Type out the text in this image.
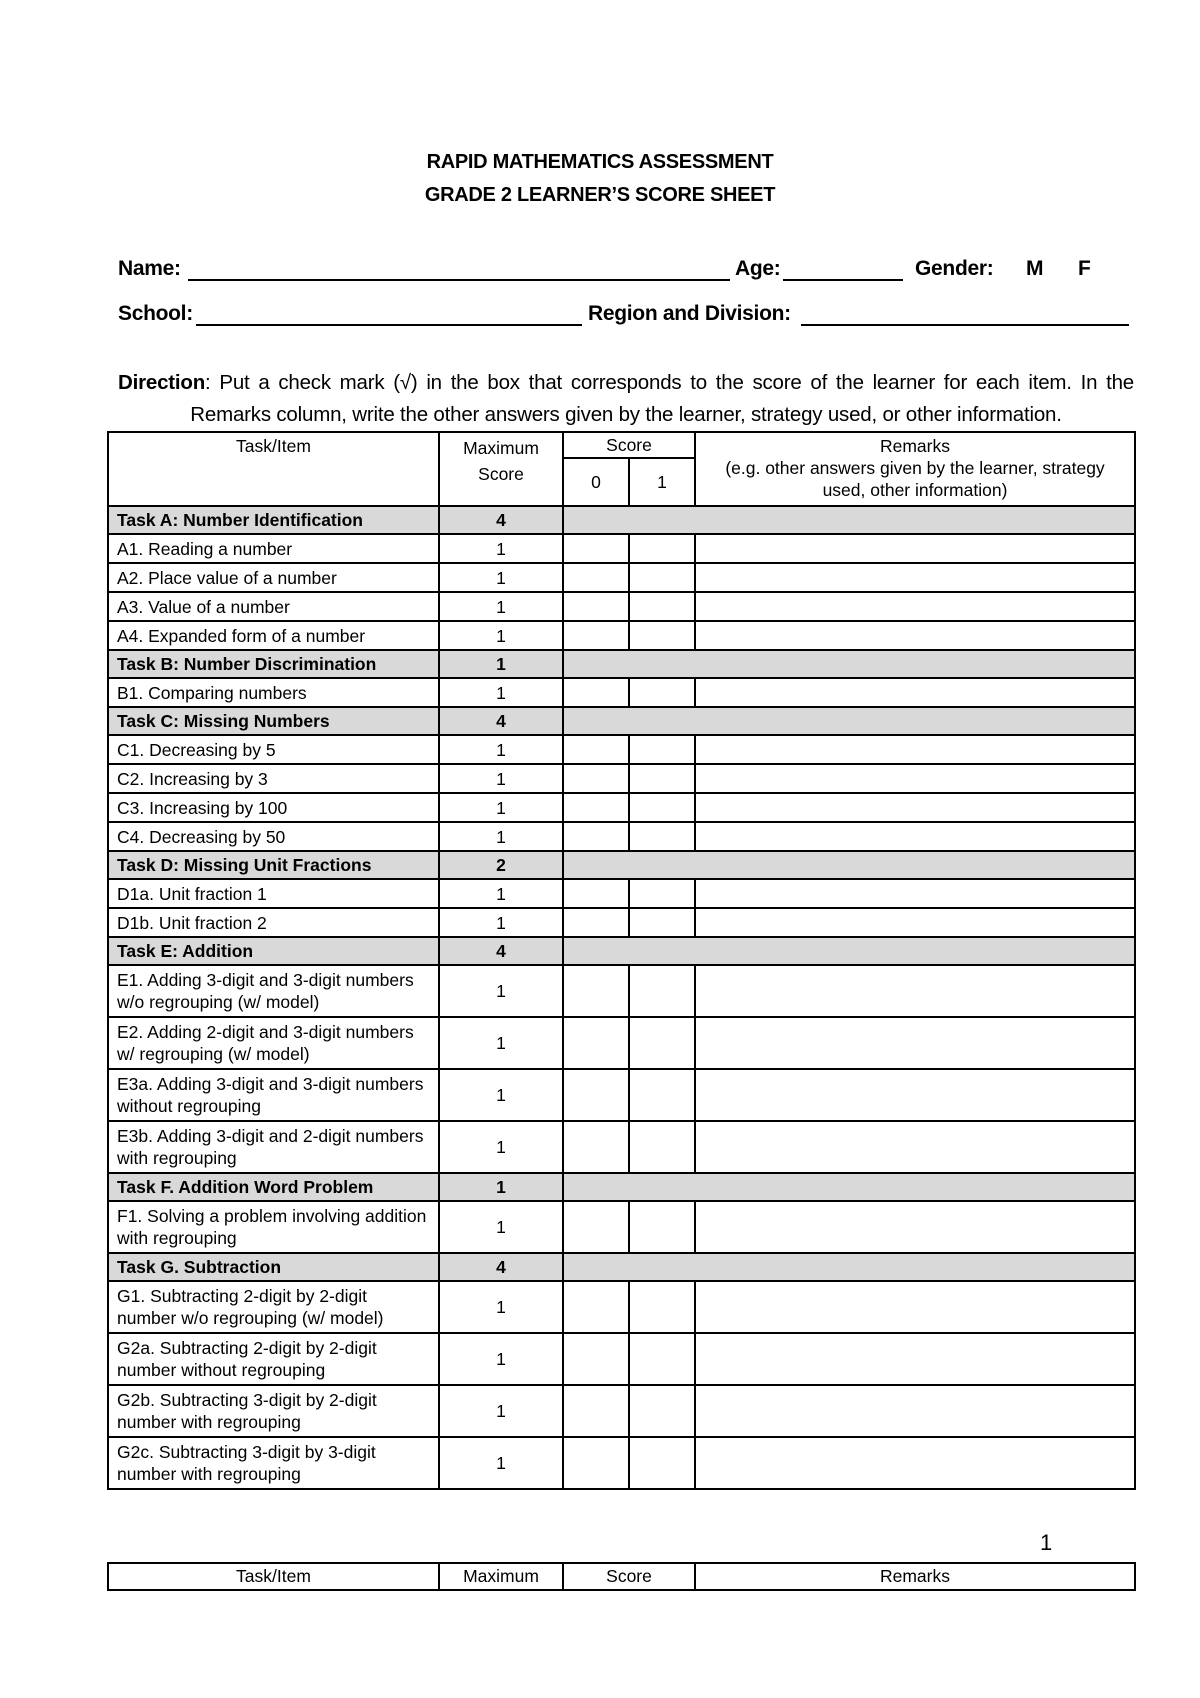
RAPID MATHEMATICS ASSESSMENT
GRADE 2 LEARNER’S SCORE SHEET
Name:	Age:	Gender: M F
School:	Region and Division:
Direction: Put a check mark (√) in the box that corresponds to the score of the learner for each item. In the Remarks column, write the other answers given by the learner, strategy used, or other information.
Task/Item	Maximum Score	Score		Remarks
(e.g. other answers given by the learner, strategy used, other information)

		0	1	
Task A: Number Identification	4			
A1. Reading a number	1			
A2. Place value of a number	1			
A3. Value of a number	1			
A4. Expanded form of a number	1			
Task B: Number Discrimination	1			
B1. Comparing numbers	1			
Task C: Missing Numbers	4			
C1. Decreasing by 5	1			
C2. Increasing by 3	1			
C3. Increasing by 100	1			
C4. Decreasing by 50	1			
Task D: Missing Unit Fractions	2			
D1a. Unit fraction 1	1			
D1b. Unit fraction 2	1			
Task E: Addition	4			
E1. Adding 3-digit and 3-digit numbers w/o regrouping (w/ model)	1			
E2. Adding 2-digit and 3-digit numbers w/ regrouping (w/ model)	1			
E3a. Adding 3-digit and 3-digit numbers without regrouping	1			
E3b. Adding 3-digit and 2-digit numbers with regrouping	1			
Task F. Addition Word Problem	1			
F1. Solving a problem involving addition with regrouping	1			
Task G. Subtraction	4			
G1. Subtracting 2-digit by 2-digit number w/o regrouping (w/ model)	1			
G2a. Subtracting 2-digit by 2-digit number without regrouping	1			
G2b. Subtracting 3-digit by 2-digit number with regrouping	1			
G2c. Subtracting 3-digit by 3-digit number with regrouping	1			
1
Task/Item	Maximum	Score	Remarks
